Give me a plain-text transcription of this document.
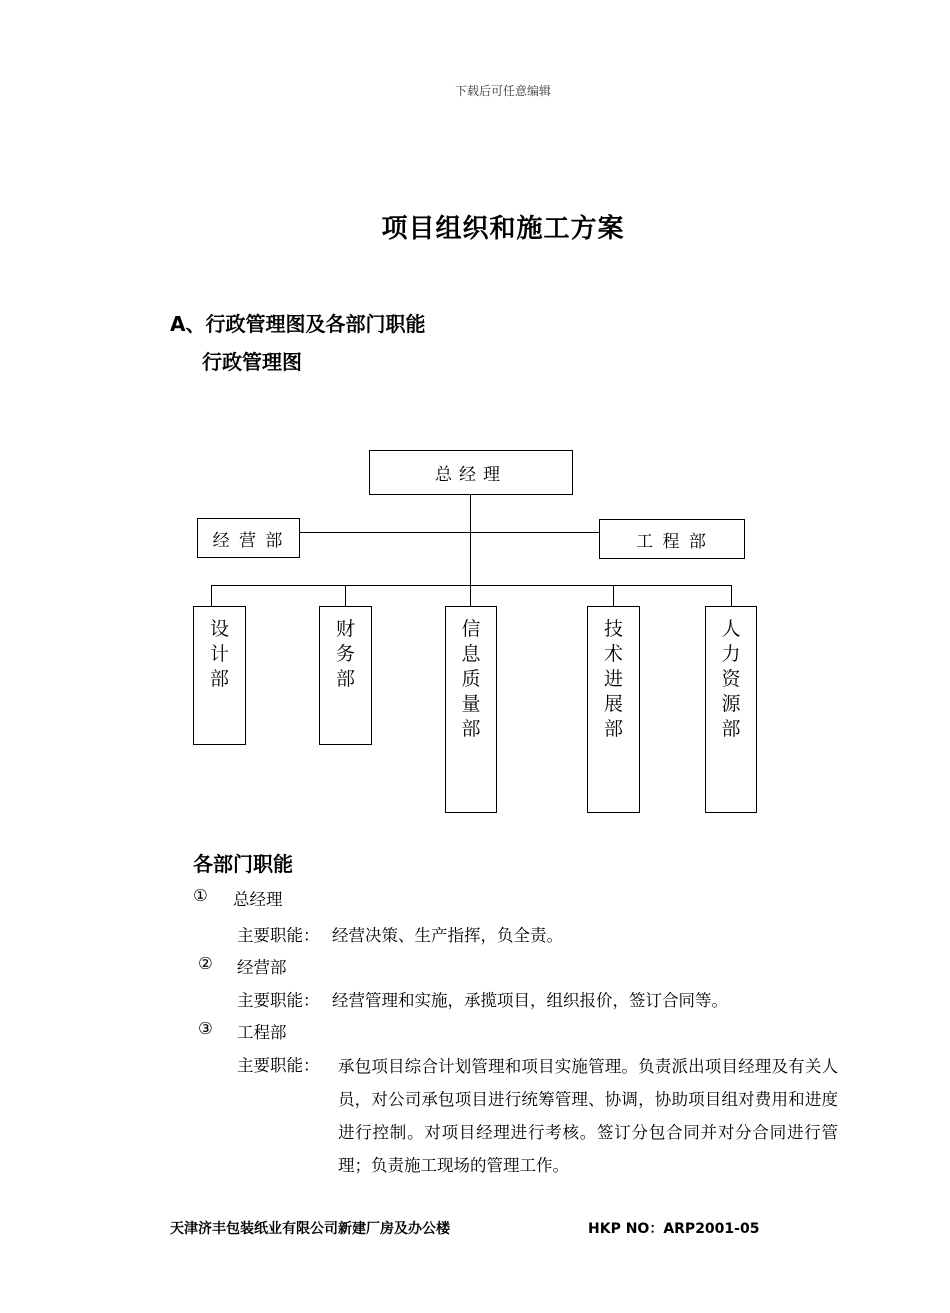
下载后可任意编辑
项目组织和施工方案
A、行政管理图及各部门职能
行政管理图
总经理
经 营 部	工 程 部
设
计
部
财
务
部
信
息
质
量
部
技
术
进
展
部
人
力
资
源
部
各部门职能
① 总经理
主要职能： 经营决策、生产指挥，负全责。
② 经营部
主要职能： 经营管理和实施，承揽项目，组织报价，签订合同等。
③ 工程部
主要职能： 承包项目综合计划管理和项目实施管理。负责派出项目经理及有关人员，对公司承包项目进行统筹管理、协调，协助项目组对费用和进度进行控制。对项目经理进行考核。签订分包合同并对分合同进行管理；负责施工现场的管理工作。
天津济丰包装纸业有限公司新建厂房及办公楼	HKP NO：ARP2001-05
